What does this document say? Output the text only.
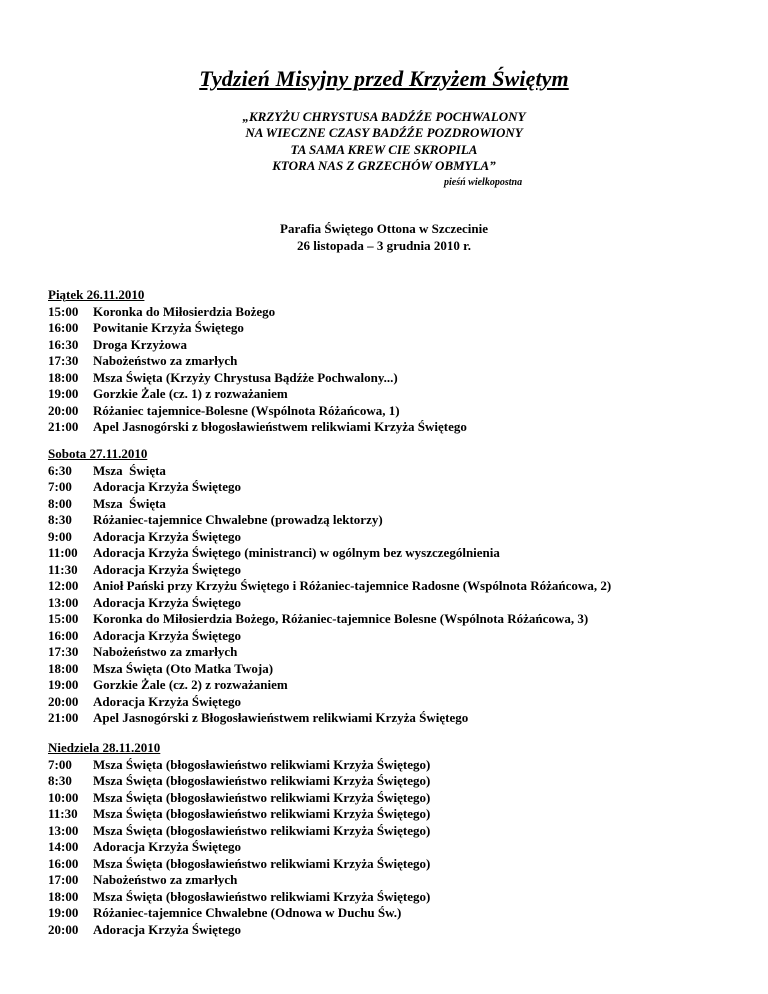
Tydzień Misyjny przed Krzyżem Świętym
„KRZYŻU CHRYSTUSA BADŹŹE POCHWALONY
NA WIECZNE CZASY BADŹŹE POZDROWIONY
TA SAMA KREW CIE SKROPILA
KTORA NAS Z GRZECHÓW OBMYLA”
pieśń wielkopostna
Parafia Świętego Ottona w Szczecinie
26 listopada – 3 grudnia 2010 r.
Piątek 26.11.2010
15:00	Koronka do Miłosierdzia Bożego
16:00	Powitanie Krzyża Świętego
16:30	Droga Krzyżowa
17:30	Nabożeństwo za zmarłych
18:00	Msza Święta (Krzyży Chrystusa Bądźże Pochwalony...)
19:00	Gorzkie Żale (cz. 1) z rozważaniem
20:00	Różaniec tajemnice-Bolesne (Wspólnota Różańcowa, 1)
21:00	Apel Jasnogórski z błogosławieństwem relikwiami Krzyża Świętego
Sobota 27.11.2010
6:30	Msza  Święta
7:00	Adoracja Krzyża Świętego
8:00	Msza  Święta
8:30	Różaniec-tajemnice Chwalebne (prowadzą lektorzy)
9:00	Adoracja Krzyża Świętego
11:00	Adoracja Krzyża Świętego (ministranci) w ogólnym bez wyszczególnienia
11:30	Adoracja Krzyża Świętego
12:00	Anioł Pański przy Krzyżu Świętego i Różaniec-tajemnice Radosne (Wspólnota Różańcowa, 2)
13:00	Adoracja Krzyża Świętego
15:00	Koronka do Miłosierdzia Bożego, Różaniec-tajemnice Bolesne (Wspólnota Różańcowa, 3)
16:00	Adoracja Krzyża Świętego
17:30	Nabożeństwo za zmarłych
18:00	Msza Święta (Oto Matka Twoja)
19:00	Gorzkie Żale (cz. 2) z rozważaniem
20:00	Adoracja Krzyża Świętego
21:00	Apel Jasnogórski z Błogosławieństwem relikwiami Krzyża Świętego
Niedziela 28.11.2010
7:00	Msza Święta (błogosławieństwo relikwiami Krzyża Świętego)
8:30	Msza Święta (błogosławieństwo relikwiami Krzyża Świętego)
10:00	Msza Święta (błogosławieństwo relikwiami Krzyża Świętego)
11:30	Msza Święta (błogosławieństwo relikwiami Krzyża Świętego)
13:00	Msza Święta (błogosławieństwo relikwiami Krzyża Świętego)
14:00	Adoracja Krzyża Świętego
16:00	Msza Święta (błogosławieństwo relikwiami Krzyża Świętego)
17:00	Nabożeństwo za zmarłych
18:00	Msza Święta (błogosławieństwo relikwiami Krzyża Świętego)
19:00	Różaniec-tajemnice Chwalebne (Odnowa w Duchu Św.)
20:00	Adoracja Krzyża Świętego
